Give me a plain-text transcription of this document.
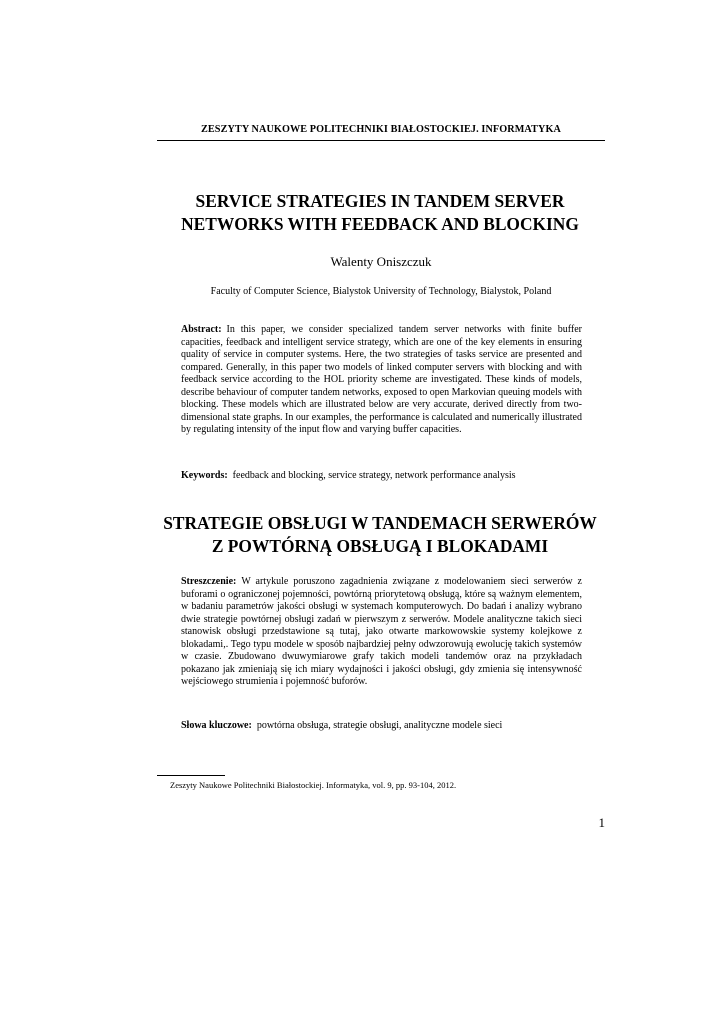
ZESZYTY NAUKOWE POLITECHNIKI BIAŁOSTOCKIEJ. INFORMATYKA
SERVICE STRATEGIES IN TANDEM SERVER
NETWORKS WITH FEEDBACK AND BLOCKING
Walenty Oniszczuk
Faculty of Computer Science, Bialystok University of Technology, Bialystok, Poland
Abstract: In this paper, we consider specialized tandem server networks with finite buffer capacities, feedback and intelligent service strategy, which are one of the key elements in ensuring quality of service in computer systems. Here, the two strategies of tasks service are presented and compared. Generally, in this paper two models of linked computer servers with blocking and with feedback service according to the HOL priority scheme are investigated. These kinds of models, describe behaviour of computer tandem networks, exposed to open Markovian queuing models with blocking. These models which are illustrated below are very accurate, derived directly from two-dimensional state graphs. In our examples, the performance is calculated and numerically illustrated by regulating intensity of the input flow and varying buffer capacities.
Keywords: feedback and blocking, service strategy, network performance analysis
STRATEGIE OBSŁUGI W TANDEMACH SERWERÓW
Z POWTÓRNĄ OBSŁUGĄ I BLOKADAMI
Streszczenie: W artykule poruszono zagadnienia związane z modelowaniem sieci serwerów z buforami o ograniczonej pojemności, powtórną priorytetową obsługą, które są ważnym elementem, w badaniu parametrów jakości obsługi w systemach komputerowych. Do badań i analizy wybrano dwie strategie powtórnej obsługi zadań w pierwszym z serwerów. Modele analityczne takich sieci stanowisk obsługi przedstawione są tutaj, jako otwarte markowowskie systemy kolejkowe z blokadami,. Tego typu modele w sposób najbardziej pełny odwzorowują ewolucję takich systemów w czasie. Zbudowano dwuwymiarowe grafy takich modeli tandemów oraz na przykładach pokazano jak zmieniają się ich miary wydajności i jakości obsługi, gdy zmienia się intensywność wejściowego strumienia i pojemność buforów.
Słowa kluczowe: powtórna obsługa, strategie obsługi, analityczne modele sieci
Zeszyty Naukowe Politechniki Białostockiej. Informatyka, vol. 9, pp. 93-104, 2012.
1
